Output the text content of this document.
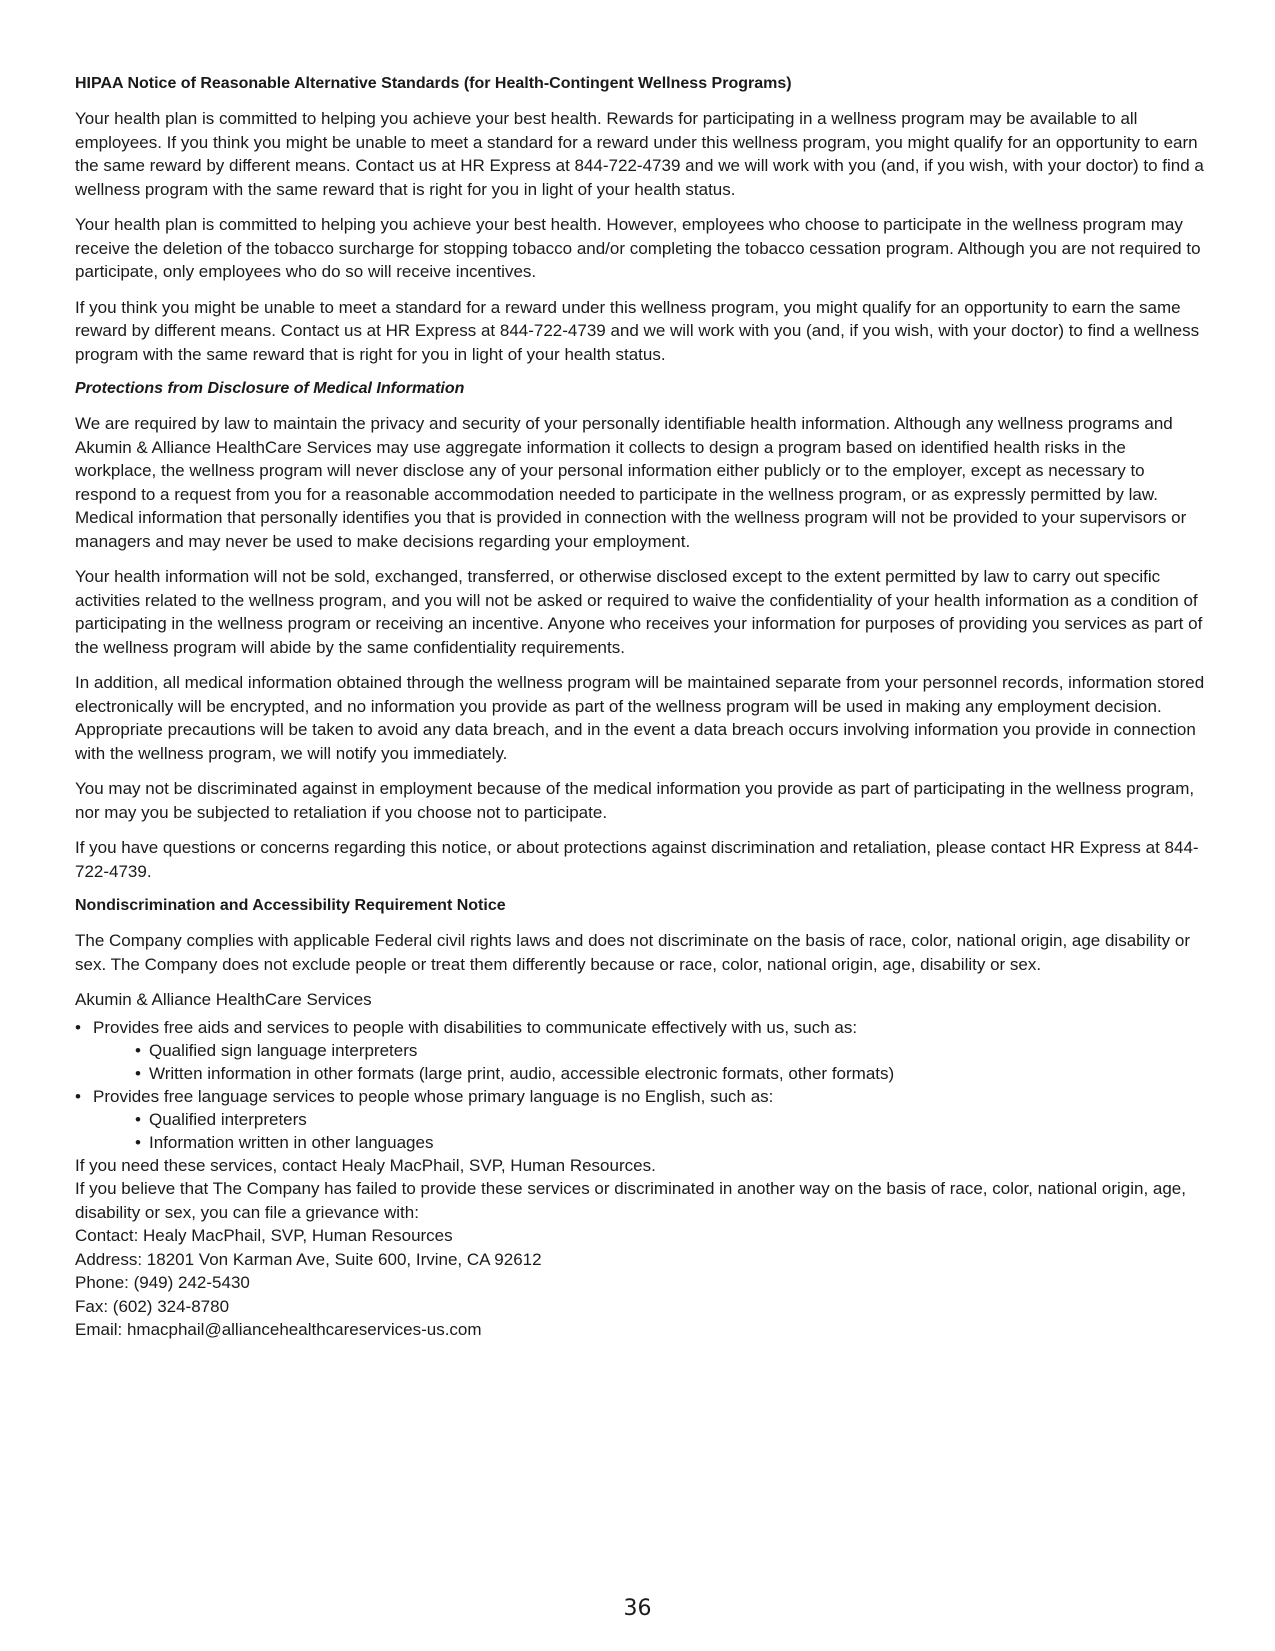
HIPAA Notice of Reasonable Alternative Standards (for Health-Contingent Wellness Programs)

Your health plan is committed to helping you achieve your best health. Rewards for participating in a wellness program may be available to all employees. If you think you might be unable to meet a standard for a reward under this wellness program, you might qualify for an opportunity to earn the same reward by different means. Contact us at HR Express at 844-722-4739 and we will work with you (and, if you wish, with your doctor) to find a wellness program with the same reward that is right for you in light of your health status.

Your health plan is committed to helping you achieve your best health. However, employees who choose to participate in the wellness program may receive the deletion of the tobacco surcharge for stopping tobacco and/or completing the tobacco cessation program. Although you are not required to participate, only employees who do so will receive incentives.

If you think you might be unable to meet a standard for a reward under this wellness program, you might qualify for an opportunity to earn the same reward by different means. Contact us at HR Express at 844-722-4739 and we will work with you (and, if you wish, with your doctor) to find a wellness program with the same reward that is right for you in light of your health status.

Protections from Disclosure of Medical Information

We are required by law to maintain the privacy and security of your personally identifiable health information. Although any wellness programs and Akumin & Alliance HealthCare Services may use aggregate information it collects to design a program based on identified health risks in the workplace, the wellness program will never disclose any of your personal information either publicly or to the employer, except as necessary to respond to a request from you for a reasonable accommodation needed to participate in the wellness program, or as expressly permitted by law. Medical information that personally identifies you that is provided in connection with the wellness program will not be provided to your supervisors or managers and may never be used to make decisions regarding your employment.

Your health information will not be sold, exchanged, transferred, or otherwise disclosed except to the extent permitted by law to carry out specific activities related to the wellness program, and you will not be asked or required to waive the confidentiality of your health information as a condition of participating in the wellness program or receiving an incentive. Anyone who receives your information for purposes of providing you services as part of the wellness program will abide by the same confidentiality requirements.

In addition, all medical information obtained through the wellness program will be maintained separate from your personnel records, information stored electronically will be encrypted, and no information you provide as part of the wellness program will be used in making any employment decision. Appropriate precautions will be taken to avoid any data breach, and in the event a data breach occurs involving information you provide in connection with the wellness program, we will notify you immediately.

You may not be discriminated against in employment because of the medical information you provide as part of participating in the wellness program, nor may you be subjected to retaliation if you choose not to participate.

If you have questions or concerns regarding this notice, or about protections against discrimination and retaliation, please contact HR Express at 844-722-4739.

Nondiscrimination and Accessibility Requirement Notice

The Company complies with applicable Federal civil rights laws and does not discriminate on the basis of race, color, national origin, age disability or sex. The Company does not exclude people or treat them differently because or race, color, national origin, age, disability or sex.

Akumin & Alliance HealthCare Services
• Provides free aids and services to people with disabilities to communicate effectively with us, such as:
• Qualified sign language interpreters
• Written information in other formats (large print, audio, accessible electronic formats, other formats)
• Provides free language services to people whose primary language is no English, such as:
• Qualified interpreters
• Information written in other languages
If you need these services, contact Healy MacPhail, SVP, Human Resources.
If you believe that The Company has failed to provide these services or discriminated in another way on the basis of race, color, national origin, age, disability or sex, you can file a grievance with:
Contact: Healy MacPhail, SVP, Human Resources
Address: 18201 Von Karman Ave, Suite 600, Irvine, CA 92612
Phone: (949) 242-5430
Fax: (602) 324-8780
Email: hmacphail@alliancehealthcareservices-us.com
36
